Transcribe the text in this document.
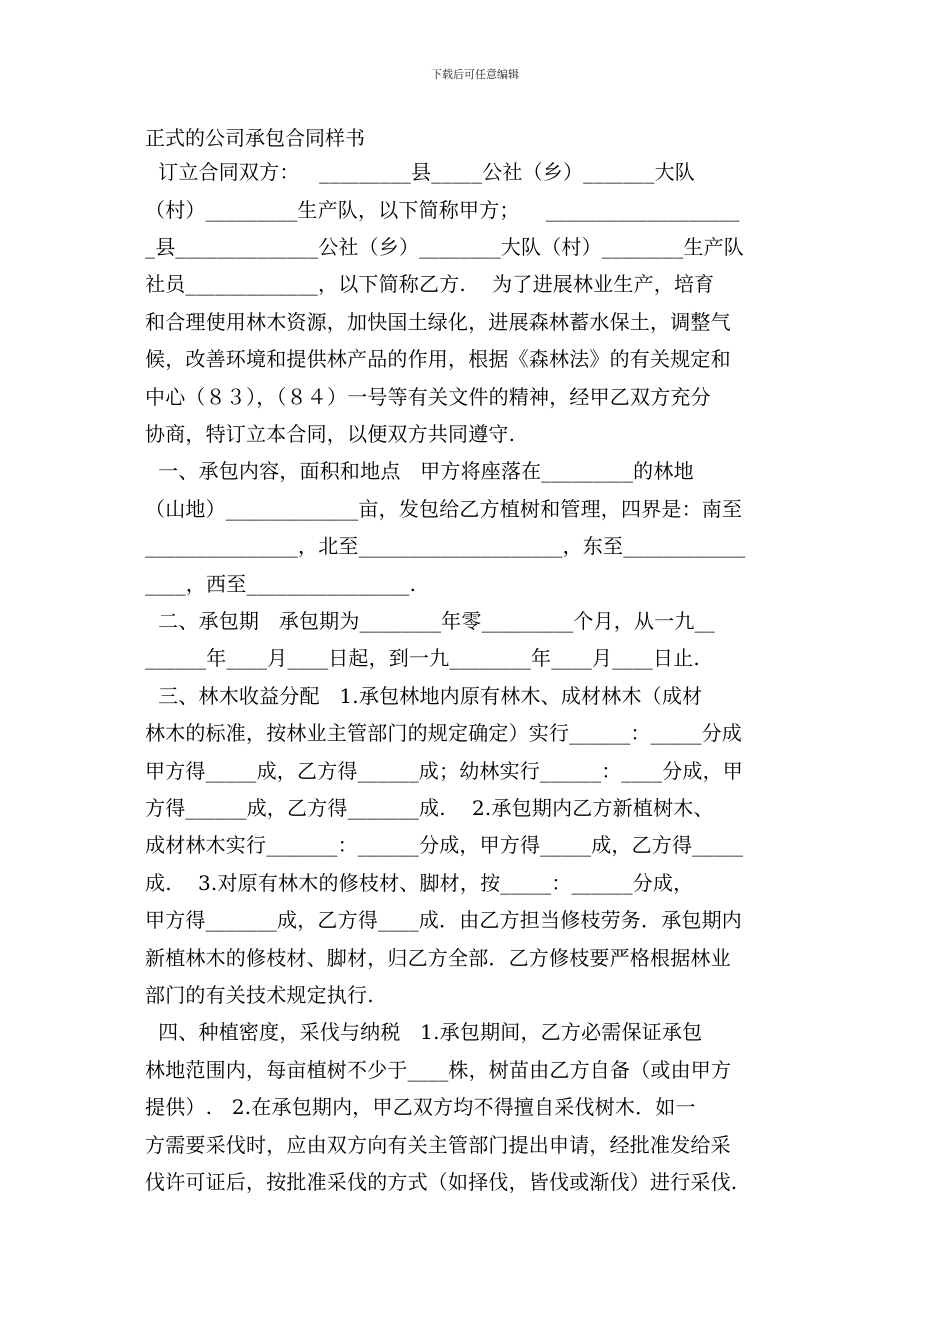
下载后可任意编辑
正式的公司承包合同样书
订立合同双方：   _________县_____公社（乡）_______大队
（村）_________生产队，以下简称甲方；    ___________________
_县______________公社（乡）________大队（村）________生产队
社员_____________，以下简称乙方.    为了进展林业生产，培育
和合理使用林木资源，加快国土绿化，进展森林蓄水保土，调整气
候，改善环境和提供林产品的作用，根据《森林法》的有关规定和
中心（８３），（８４）一号等有关文件的精神，经甲乙双方充分
协商，特订立本合同，以便双方共同遵守.
一、承包内容，面积和地点   甲方将座落在_________的林地
（山地）_____________亩，发包给乙方植树和管理，四界是：南至
_______________，北至____________________，东至____________
____，西至________________.
二、承包期   承包期为________年零_________个月，从一九__
______年____月____日起，到一九________年____月____日止.
三、林木收益分配   1.承包林地内原有林木、成材林木（成材
林木的标准，按林业主管部门的规定确定）实行______：_____分成
甲方得_____成，乙方得______成；幼林实行______：____分成，甲
方得______成，乙方得_______成.    2.承包期内乙方新植树木、
成材林木实行_______：______分成，甲方得_____成，乙方得_____
成.    3.对原有林木的修枝材、脚材，按_____：______分成，
甲方得_______成，乙方得____成．由乙方担当修枝劳务．承包期内
新植林木的修枝材、脚材，归乙方全部．乙方修枝要严格根据林业
部门的有关技术规定执行.
四、种植密度，采伐与纳税   1.承包期间，乙方必需保证承包
林地范围内，每亩植树不少于____株，树苗由乙方自备（或由甲方
提供）.   2.在承包期内，甲乙双方均不得擅自采伐树木．如一
方需要采伐时，应由双方向有关主管部门提出申请，经批准发给采
伐许可证后，按批准采伐的方式（如择伐，皆伐或渐伐）进行采伐.
